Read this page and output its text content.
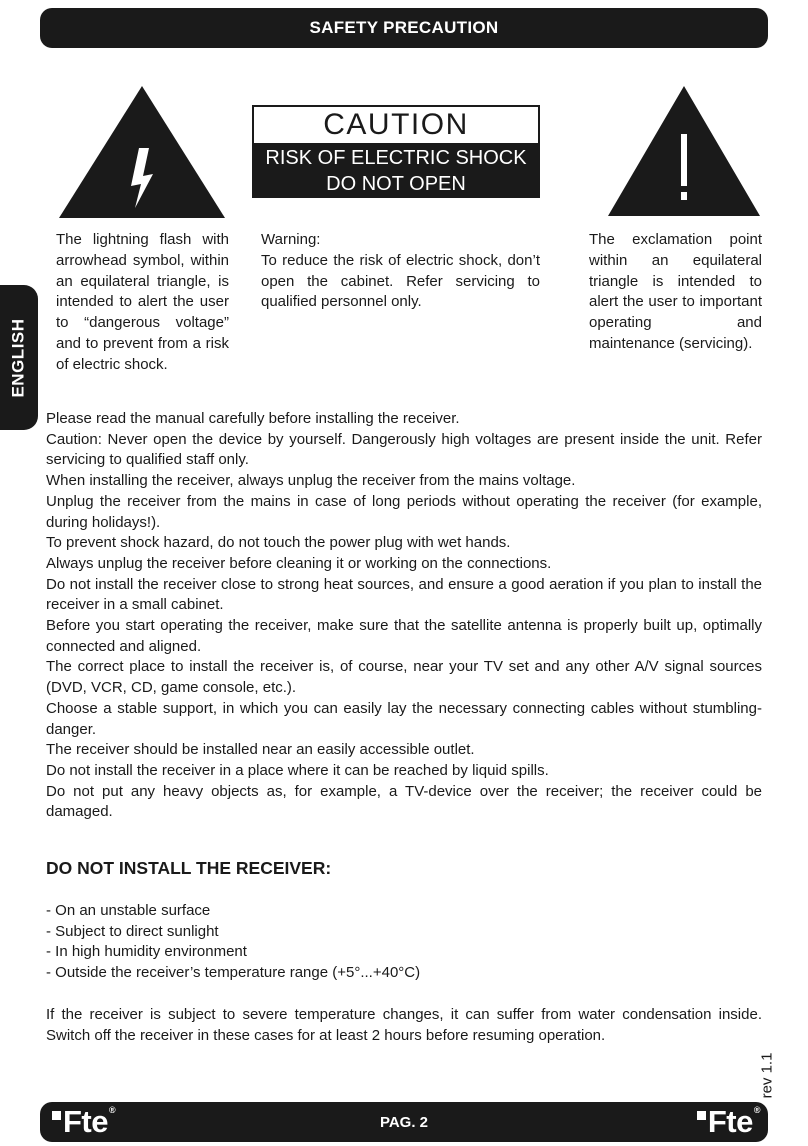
SAFETY PRECAUTION
ENGLISH
CAUTION
RISK OF ELECTRIC SHOCK
DO NOT OPEN
The lightning flash with arrowhead symbol, within an equilateral triangle, is intended to alert the user to “dangerous voltage” and to prevent from a risk of electric shock.
Warning:
To reduce the risk of electric shock, don’t open the cabinet. Refer servicing to qualified personnel only.
The exclamation point within an equilateral triangle is intended to alert the user to important operating and maintenance (servicing).

Please read the manual carefully before installing the receiver.

Caution: Never open the device by yourself. Dangerously high voltages are present inside the unit. Refer servicing to qualified staff only.

When installing the receiver, always unplug the receiver from the mains voltage.

Unplug the receiver from the mains in case of long periods without operating the receiver (for example, during holidays!).

To prevent shock hazard, do not touch the power plug with wet hands.

Always unplug the receiver before cleaning it or working on the connections.

Do not install the receiver close to strong heat sources, and ensure a good aeration if you plan to install the receiver in a small cabinet.

Before you start operating the receiver, make sure that the satellite antenna is properly built up, optimally connected and aligned.

The correct place to install the receiver is, of course, near your TV set and any other A/V signal sources (DVD, VCR, CD, game console, etc.).

Choose a stable support, in which you can easily lay the necessary connecting cables without stumbling-danger.

The receiver should be installed near an easily accessible outlet.

Do not install the receiver in a place where it can be reached by liquid spills.

Do not put any heavy objects as, for example, a TV-device over the receiver; the receiver could be damaged.

DO NOT INSTALL THE RECEIVER:
- On an unstable surface
- Subject to direct sunlight
- In high humidity environment
- Outside the receiver’s temperature range (+5°...+40°C)
If the receiver is subject to severe temperature changes, it can suffer from water condensation inside. Switch off the receiver in these cases for at least 2 hours before resuming operation.
rev 1.1
Fte ®
PAG. 2	Fte ®
